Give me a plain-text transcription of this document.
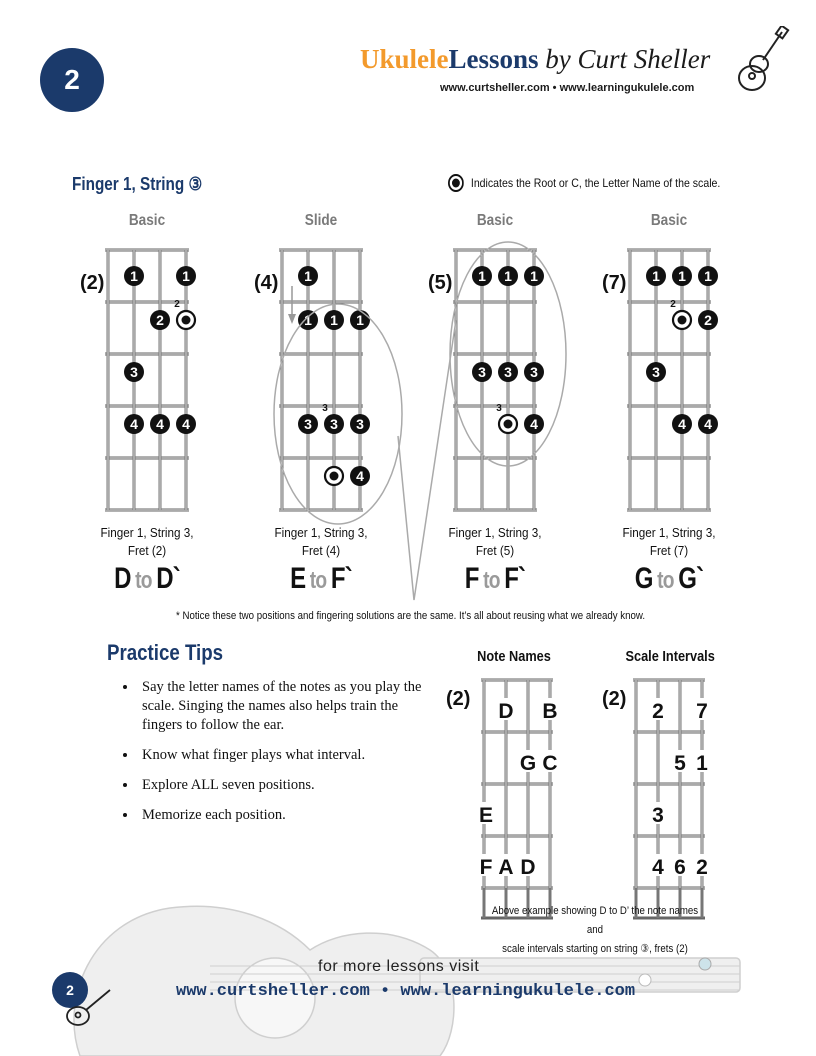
2
UkuleleLessons by Curt Sheller
www.curtsheller.com • www.learningukulele.com
Finger 1, String ③	Indicates the Root or C, the Letter Name of the scale.
Basic
(2)
Finger 1, String 3,
Fret (2)
D to D`
Slide
(4)
Finger 1, String 3,
Fret (4)
E to F`
Basic
(5)
Finger 1, String 3,
Fret (5)
F to F`
Basic
(7)
Finger 1, String 3,
Fret (7)
G to G`
1	1
2
2
3
4 4 4
1
1 1 1
3 3
3
3
4
1 1 1
3 3 3
3
4
1 1 1
2
2
3
4 4
D B
G C
E
F A D
2 7
5 1
3
4 6 2
* Notice these two positions and fingering solutions are the same. It’s all about reusing what we already know.
Practice Tips
• Say the letter names of the notes as you play the scale. Singing the names also helps train the fingers to follow the ear.
• Know what finger plays what interval.
• Explore ALL seven positions.
• Memorize each position.
Note Names	Scale Intervals
(2)	(2)
Above example showing D to D’ the note names and
scale intervals starting on string ③, frets (2)
for more lessons visit
www.curtsheller.com • www.learningukulele.com
2
